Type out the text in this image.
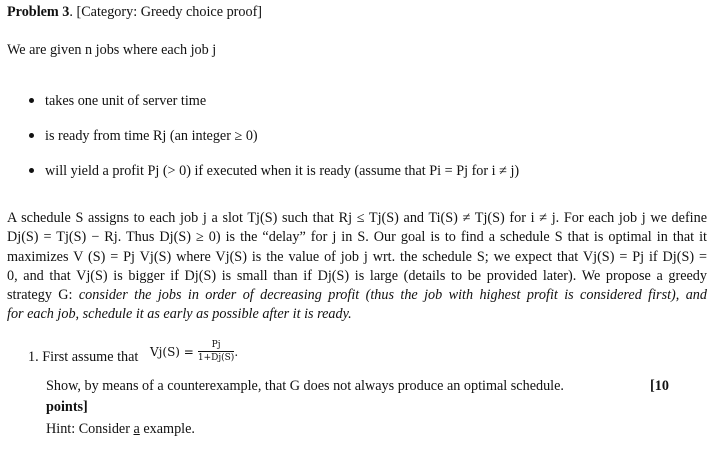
Problem 3. [Category: Greedy choice proof]
We are given n jobs where each job j
takes one unit of server time
is ready from time Rj (an integer ≥ 0)
will yield a profit Pj (> 0) if executed when it is ready (assume that Pi = Pj for i ≠ j)
A schedule S assigns to each job j a slot Tj(S) such that Rj ≤ Tj(S) and Ti(S) ≠ Tj(S) for i ≠ j. For each job j we define
Dj(S) = Tj(S) − Rj. Thus Dj(S) ≥ 0) is the “delay” for j in S. Our goal is to find a schedule S that is optimal in that it
maximizes V (S) = Pj Vj(S) where Vj(S) is the value of job j wrt. the schedule S; we expect that Vj(S) = Pj if Dj(S) =
0, and that Vj(S) is bigger if Dj(S) is small than if Dj(S) is large (details to be provided later). We propose a greedy
strategy G: consider the jobs in order of decreasing profit (thus the job with highest profit is considered first), and
for each job, schedule it as early as possible after it is ready.
1. First assume that $Vj(S) = \frac{Pj}{1+Dj(S)}$ .
Show, by means of a counterexample, that G does not always produce an optimal schedule.	[10
points]
Hint: Consider a example.
